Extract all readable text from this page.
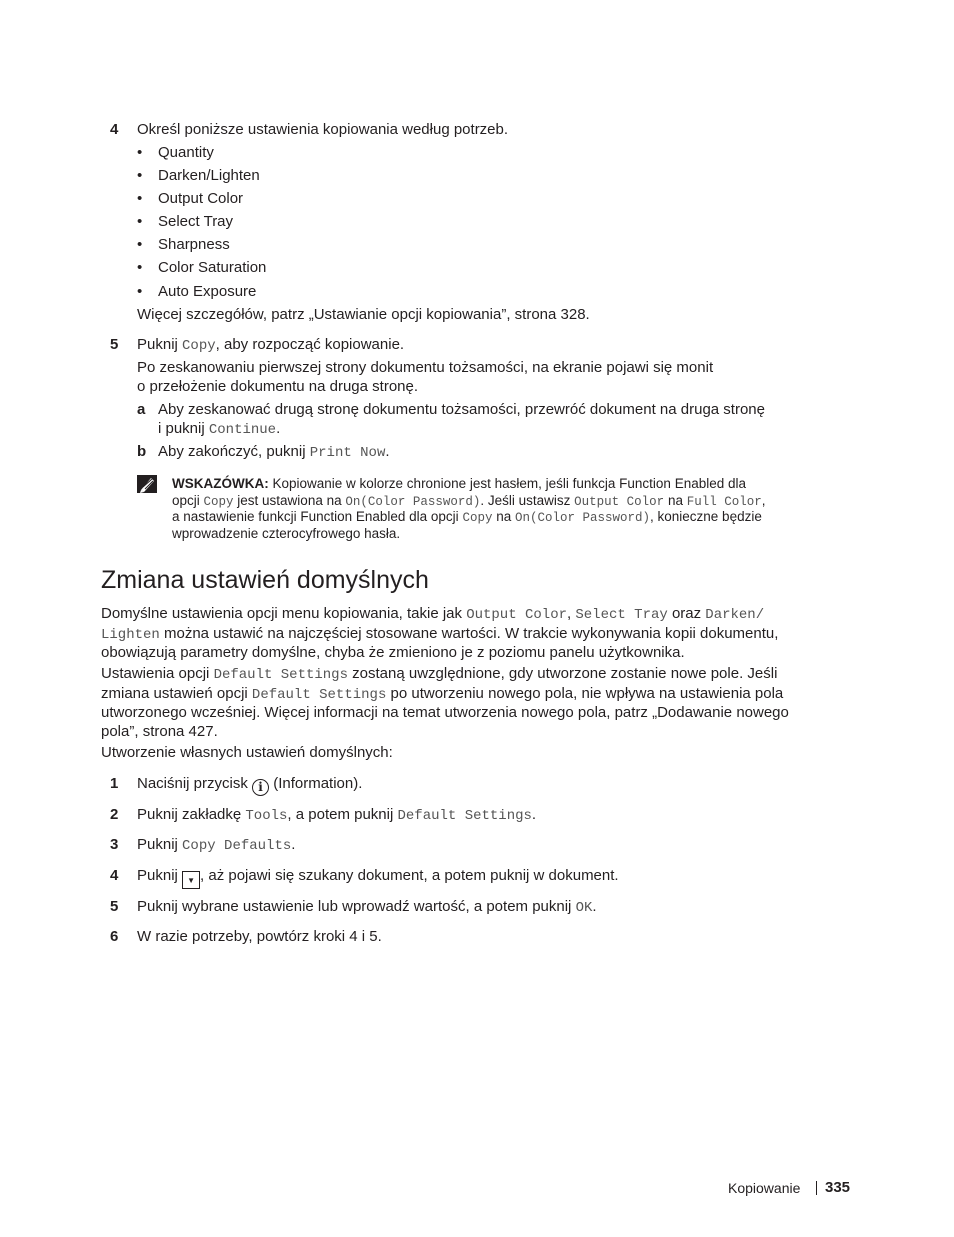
4 Określ poniższe ustawienia kopiowania według potrzeb.
• Quantity
• Darken/Lighten
• Output Color
• Select Tray
• Sharpness
• Color Saturation
• Auto Exposure
Więcej szczegółów, patrz „Ustawianie opcji kopiowania”, strona 328.
5 Puknij Copy, aby rozpocząć kopiowanie.
Po zeskanowaniu pierwszej strony dokumentu tożsamości, na ekranie pojawi się monit
o przełożenie dokumentu na druga stronę.
a Aby zeskanować drugą stronę dokumentu tożsamości, przewróć dokument na druga stronę
i puknij Continue.
b Aby zakończyć, puknij Print Now.
WSKAZÓWKA: Kopiowanie w kolorze chronione jest hasłem, jeśli funkcja Function Enabled dla
opcji Copy jest ustawiona na On(Color Password). Jeśli ustawisz Output Color na Full Color,
a nastawienie funkcji Function Enabled dla opcji Copy na On(Color Password), konieczne będzie
wprowadzenie czterocyfrowego hasła.
Zmiana ustawień domyślnych
Domyślne ustawienia opcji menu kopiowania, takie jak Output Color, Select Tray oraz Darken/
Lighten można ustawić na najczęściej stosowane wartości. W trakcie wykonywania kopii dokumentu,
obowiązują parametry domyślne, chyba że zmieniono je z poziomu panelu użytkownika.
Ustawienia opcji Default Settings zostaną uwzględnione, gdy utworzone zostanie nowe pole. Jeśli
zmiana ustawień opcji Default Settings po utworzeniu nowego pola, nie wpływa na ustawienia pola
utworzonego wcześniej. Więcej informacji na temat utworzenia nowego pola, patrz „Dodawanie nowego
pola”, strona 427.
Utworzenie własnych ustawień domyślnych:
1 Naciśnij przycisk i (Information).
2 Puknij zakładkę Tools, a potem puknij Default Settings.
3 Puknij Copy Defaults.
4 Puknij ▼ , aż pojawi się szukany dokument, a potem puknij w dokument.
5 Puknij wybrane ustawienie lub wprowadź wartość, a potem puknij OK.
6 W razie potrzeby, powtórz kroki 4 i 5.
Kopiowanie 335
